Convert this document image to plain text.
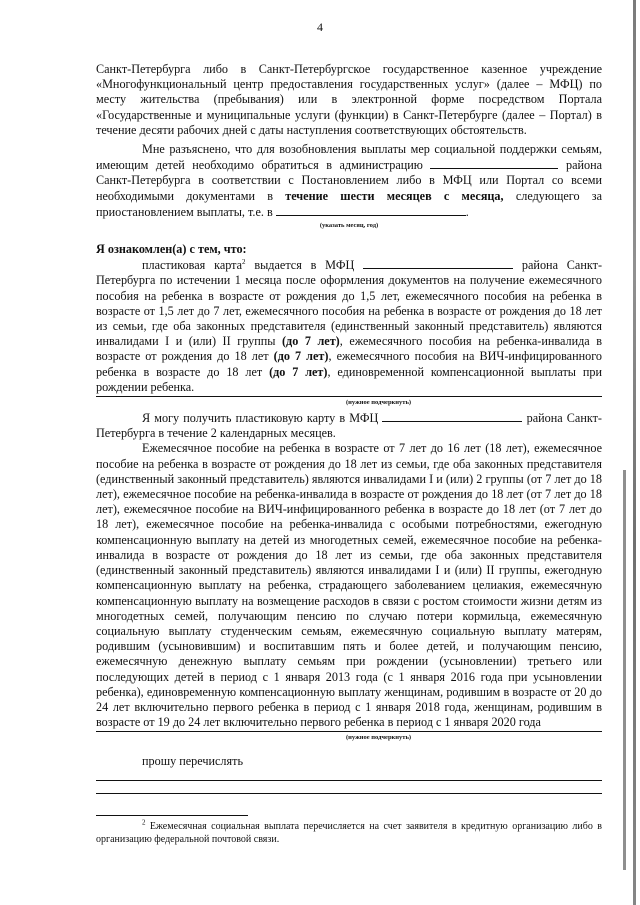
4

Санкт-Петербурга либо в Санкт-Петербургское государственное казенное учреждение «Многофункциональный центр предоставления государственных услуг» (далее – МФЦ) по месту жительства (пребывания) или в электронной форме посредством Портала «Государственные и муниципальные услуги (функции) в Санкт-Петербурге (далее – Портал) в течение десяти рабочих дней с даты наступления соответствующих обстоятельств.

Мне разъяснено, что для возобновления выплаты мер социальной поддержки семьям, имеющим детей необходимо обратиться в администрацию	района Санкт-Петербурга в соответствии с Постановлением либо в МФЦ или Портал со всеми необходимыми документами в течение шести месяцев с месяца, следующего за приостановлением выплаты, т.е. в	.

(указать месяц, год)

Я ознакомлен(а) с тем, что:

пластиковая карта$^2$ выдается в МФЦ	района Санкт-Петербурга по истечении 1 месяца после оформления документов на получение ежемесячного пособия на ребенка в возрасте от рождения до 1,5 лет, ежемесячного пособия на ребенка в возрасте от 1,5 лет до 7 лет, ежемесячного пособия на ребенка в возрасте от рождения до 18 лет из семьи, где оба законных представителя (единственный законный представитель) являются инвалидами I и (или) II группы (до 7 лет), ежемесячного пособия на ребенка-инвалида в возрасте от рождения до 18 лет (до 7 лет), ежемесячного пособия на ВИЧ-инфицированного ребенка в возрасте до 18 лет (до 7 лет), единовременной компенсационной выплаты при рождении ребенка.

(нужное подчеркнуть)

Я могу получить пластиковую карту в МФЦ	района Санкт-Петербурга в течение 2 календарных месяцев.

Ежемесячное пособие на ребенка в возрасте от 7 лет до 16 лет (18 лет), ежемесячное пособие на ребенка в возрасте от рождения до 18 лет из семьи, где оба законных представителя (единственный законный представитель) являются инвалидами I и (или) 2 группы (от 7 лет до 18 лет), ежемесячное пособие на ребенка-инвалида в возрасте от рождения до 18 лет (от 7 лет до 18 лет), ежемесячное пособие на ВИЧ-инфицированного ребенка в возрасте до 18 лет (от 7 лет до 18 лет), ежемесячное пособие на ребенка-инвалида с особыми потребностями, ежегодную компенсационную выплату на детей из многодетных семей, ежемесячное пособие на ребенка-инвалида в возрасте от рождения до 18 лет из семьи, где оба законных представителя (единственный законный представитель) являются инвалидами I и (или) II группы, ежегодную компенсационную выплату на ребенка, страдающего заболеванием целиакия, ежемесячную компенсационную выплату на возмещение расходов в связи с ростом стоимости жизни детям из многодетных семей, получающим пенсию по случаю потери кормильца, ежемесячную социальную выплату студенческим семьям, ежемесячную социальную выплату матерям, родившим (усыновившим) и воспитавшим пять и более детей, и получающим пенсию, ежемесячную денежную выплату семьям при рождении (усыновлении) третьего или последующих детей в период с 1 января 2013 года (с 1 января 2016 года при усыновлении ребенка), единовременную компенсационную выплату женщинам, родившим в возрасте от 20 до 24 лет включительно первого ребенка в период с 1 января 2018 года, женщинам, родившим в возрасте от 19 до 24 лет включительно первого ребенка в период с 1 января 2020 года

(нужное подчеркнуть)

прошу перечислять

$^2$ Ежемесячная социальная выплата перечисляется на счет заявителя в кредитную организацию либо в организацию федеральной почтовой связи.
